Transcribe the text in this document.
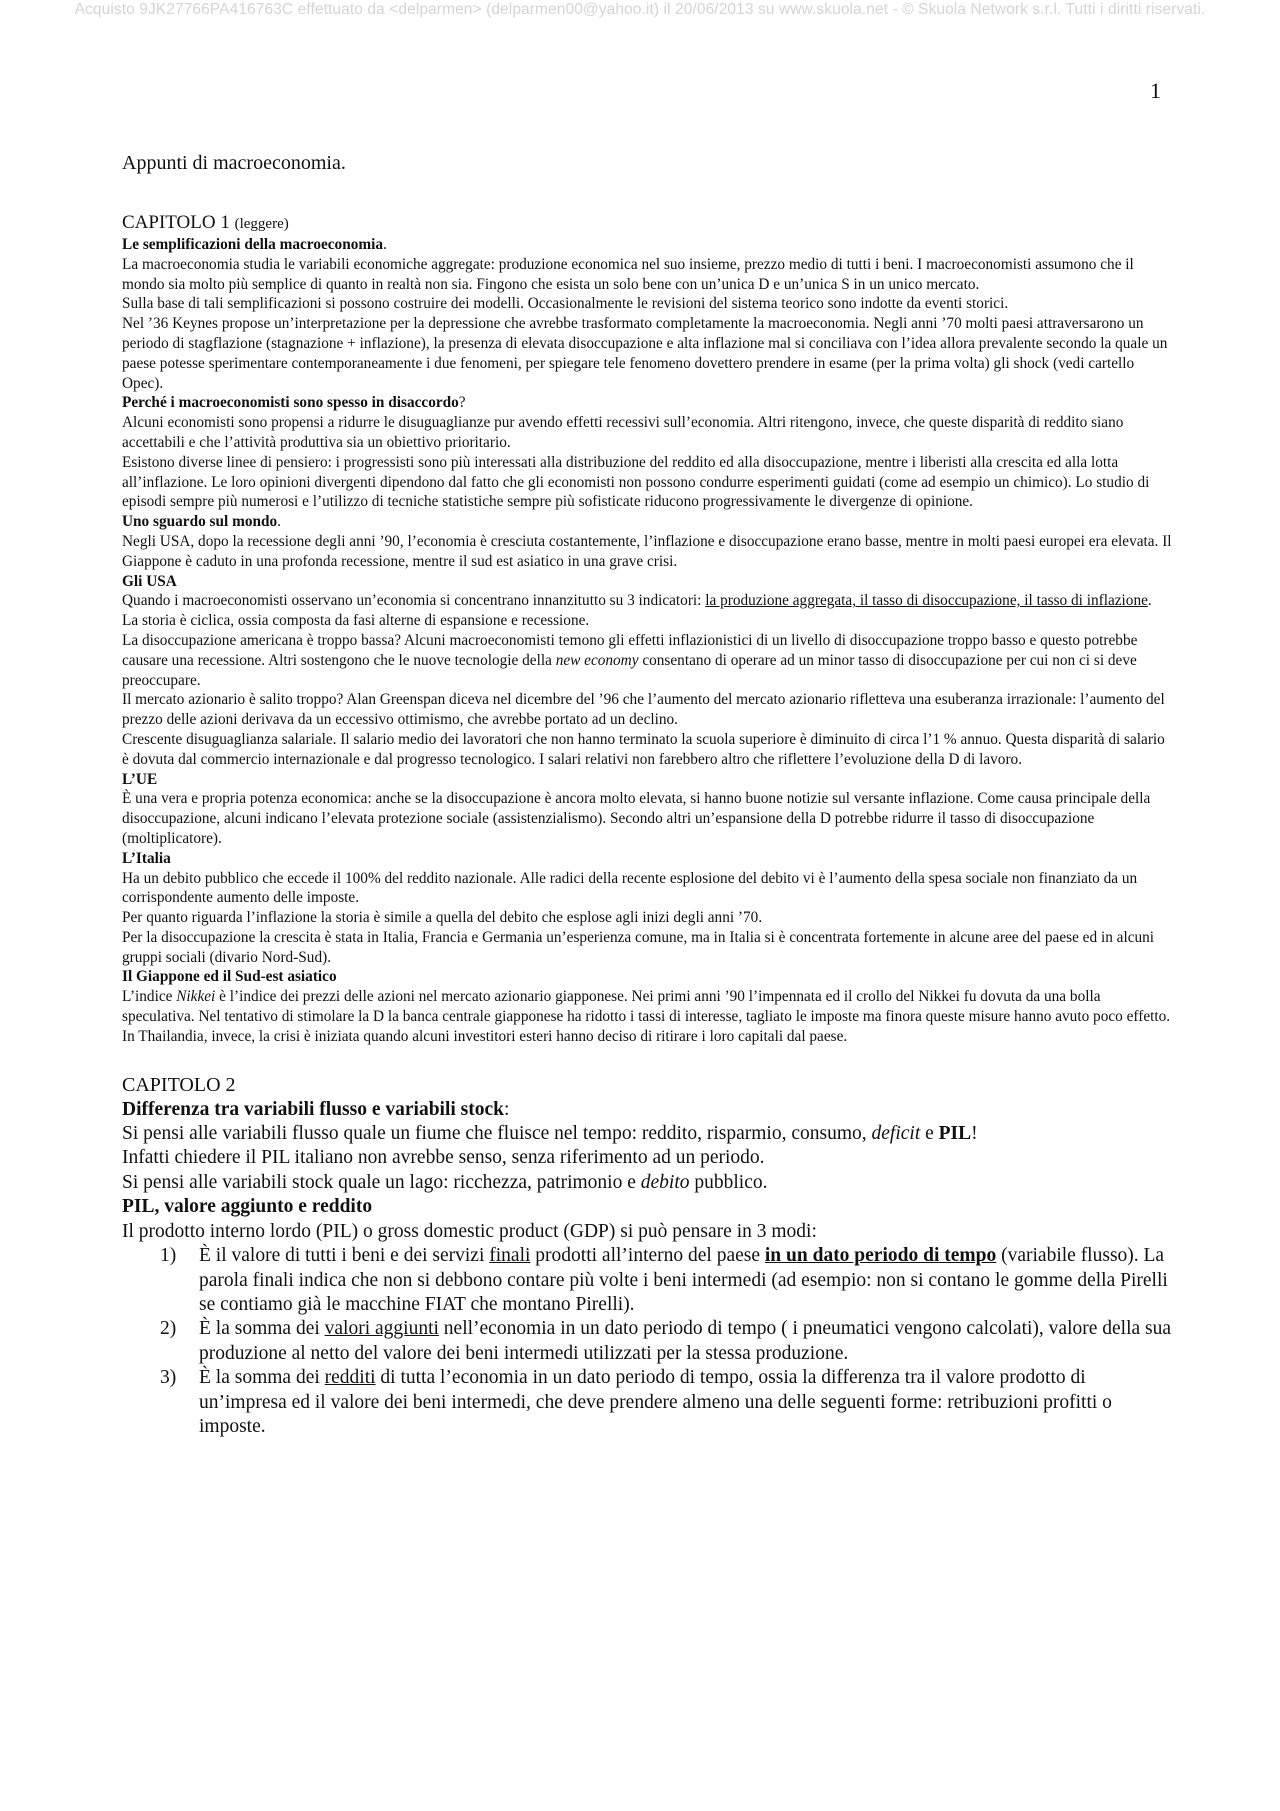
Acquisto 9JK27766PA416763C effettuato da <delparmen> (delparmen00@yahoo.it) il 20/06/2013 su www.skuola.net - © Skuola Network s.r.l. Tutti i diritti riservati.
1

Appunti di macroeconomia.

CAPITOLO 1 (leggere)

Le semplificazioni della macroeconomia.

La macroeconomia studia le variabili economiche aggregate: produzione economica nel suo insieme, prezzo medio di tutti i beni. I macroeconomisti assumono che il mondo sia molto più semplice di quanto in realtà non sia. Fingono che esista un solo bene con un’unica D e un’unica S in un unico mercato.

Sulla base di tali semplificazioni si possono costruire dei modelli. Occasionalmente le revisioni del sistema teorico sono indotte da eventi storici.

Nel ’36 Keynes propose un’interpretazione per la depressione che avrebbe trasformato completamente la macroeconomia. Negli anni ’70 molti paesi attraversarono un periodo di stagflazione (stagnazione + inflazione), la presenza di elevata disoccupazione e alta inflazione mal si conciliava con l’idea allora prevalente secondo la quale un paese potesse sperimentare contemporaneamente i due fenomeni, per spiegare tele fenomeno dovettero prendere in esame (per la prima volta) gli shock (vedi cartello Opec).

Perché i macroeconomisti sono spesso in disaccordo?

Alcuni economisti sono propensi a ridurre le disuguaglianze pur avendo effetti recessivi sull’economia. Altri ritengono, invece, che queste disparità di reddito siano accettabili e che l’attività produttiva sia un obiettivo prioritario.

Esistono diverse linee di pensiero: i progressisti sono più interessati alla distribuzione del reddito ed alla disoccupazione, mentre i liberisti alla crescita ed alla lotta all’inflazione. Le loro opinioni divergenti dipendono dal fatto che gli economisti non possono condurre esperimenti guidati (come ad esempio un chimico). Lo studio di episodi sempre più numerosi e l’utilizzo di tecniche statistiche sempre più sofisticate riducono progressivamente le divergenze di opinione.

Uno sguardo sul mondo.

Negli USA, dopo la recessione degli anni ’90, l’economia è cresciuta costantemente, l’inflazione e disoccupazione erano basse, mentre in molti paesi europei era elevata. Il Giappone è caduto in una profonda recessione, mentre il sud est asiatico in una grave crisi.

Gli USA

Quando i macroeconomisti osservano un’economia si concentrano innanzitutto su 3 indicatori: la produzione aggregata, il tasso di disoccupazione, il tasso di inflazione.

La storia è ciclica, ossia composta da fasi alterne di espansione e recessione.

La disoccupazione americana è troppo bassa? Alcuni macroeconomisti temono gli effetti inflazionistici di un livello di disoccupazione troppo basso e questo potrebbe causare una recessione. Altri sostengono che le nuove tecnologie della new economy consentano di operare ad un minor tasso di disoccupazione per cui non ci si deve preoccupare.

Il mercato azionario è salito troppo? Alan Greenspan diceva nel dicembre del ’96 che l’aumento del mercato azionario rifletteva una esuberanza irrazionale: l’aumento del prezzo delle azioni derivava da un eccessivo ottimismo, che avrebbe portato ad un declino.

Crescente disuguaglianza salariale. Il salario medio dei lavoratori che non hanno terminato la scuola superiore è diminuito di circa l’1 % annuo. Questa disparità di salario è dovuta dal commercio internazionale e dal progresso tecnologico. I salari relativi non farebbero altro che riflettere l’evoluzione della D di lavoro.

L’UE

È una vera e propria potenza economica: anche se la disoccupazione è ancora molto elevata, si hanno buone notizie sul versante inflazione. Come causa principale della disoccupazione, alcuni indicano l’elevata protezione sociale (assistenzialismo). Secondo altri un’espansione della D potrebbe ridurre il tasso di disoccupazione (moltiplicatore).

L’Italia

Ha un debito pubblico che eccede il 100% del reddito nazionale. Alle radici della recente esplosione del debito vi è l’aumento della spesa sociale non finanziato da un corrispondente aumento delle imposte.

Per quanto riguarda l’inflazione la storia è simile a quella del debito che esplose agli inizi degli anni ’70.

Per la disoccupazione la crescita è stata in Italia, Francia e Germania un’esperienza comune, ma in Italia si è concentrata fortemente in alcune aree del paese ed in alcuni gruppi sociali (divario Nord-Sud).

Il Giappone ed il Sud-est asiatico

L’indice Nikkei è l’indice dei prezzi delle azioni nel mercato azionario giapponese. Nei primi anni ’90 l’impennata ed il crollo del Nikkei fu dovuta da una bolla speculativa. Nel tentativo di stimolare la D la banca centrale giapponese ha ridotto i tassi di interesse, tagliato le imposte ma finora queste misure hanno avuto poco effetto. In Thailandia, invece, la crisi è iniziata quando alcuni investitori esteri hanno deciso di ritirare i loro capitali dal paese.

CAPITOLO 2

Differenza tra variabili flusso e variabili stock:

Si pensi alle variabili flusso quale un fiume che fluisce nel tempo: reddito, risparmio, consumo, deficit e PIL!

Infatti chiedere il PIL italiano non avrebbe senso, senza riferimento ad un periodo.

Si pensi alle variabili stock quale un lago: ricchezza, patrimonio e debito pubblico.

PIL, valore aggiunto e reddito

Il prodotto interno lordo (PIL) o gross domestic product (GDP) si può pensare in 3 modi:

1) È il valore di tutti i beni e dei servizi finali prodotti all’interno del paese in un dato periodo di tempo (variabile flusso). La parola finali indica che non si debbono contare più volte i beni intermedi (ad esempio: non si contano le gomme della Pirelli se contiamo già le macchine FIAT che montano Pirelli).
2) È la somma dei valori aggiunti nell’economia in un dato periodo di tempo ( i pneumatici vengono calcolati), valore della sua produzione al netto del valore dei beni intermedi utilizzati per la stessa produzione.
3) È la somma dei redditi di tutta l’economia in un dato periodo di tempo, ossia la differenza tra il valore prodotto di un’impresa ed il valore dei beni intermedi, che deve prendere almeno una delle seguenti forme: retribuzioni profitti o imposte.
